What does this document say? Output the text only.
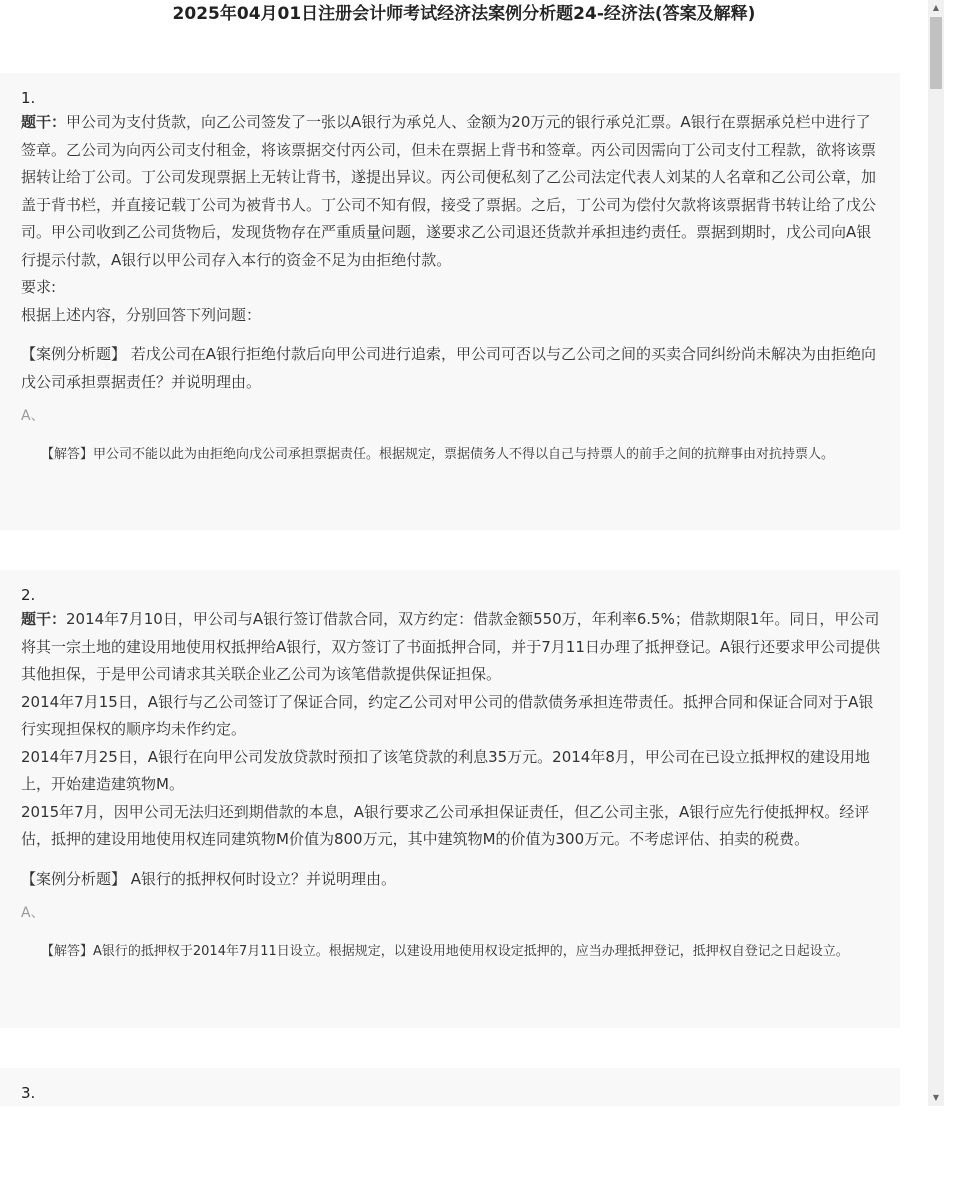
2025年04月01日注册会计师考试经济法案例分析题24-经济法(答案及解释)
1.

题干：甲公司为支付货款，向乙公司签发了一张以A银行为承兑人、金额为20万元的银行承兑汇票。A银行在票据承兑栏中进行了签章。乙公司为向丙公司支付租金，将该票据交付丙公司，但未在票据上背书和签章。丙公司因需向丁公司支付工程款，欲将该票据转让给丁公司。丁公司发现票据上无转让背书，遂提出异议。丙公司便私刻了乙公司法定代表人刘某的人名章和乙公司公章，加盖于背书栏，并直接记载丁公司为被背书人。丁公司不知有假，接受了票据。之后，丁公司为偿付欠款将该票据背书转让给了戊公司。甲公司收到乙公司货物后，发现货物存在严重质量问题，遂要求乙公司退还货款并承担违约责任。票据到期时，戊公司向A银行提示付款，A银行以甲公司存入本行的资金不足为由拒绝付款。

要求:

根据上述内容，分别回答下列问题：

【案例分析题】 若戊公司在A银行拒绝付款后向甲公司进行追索，甲公司可否以与乙公司之间的买卖合同纠纷尚未解决为由拒绝向戊公司承担票据责任？并说明理由。

A、

【解答】甲公司不能以此为由拒绝向戊公司承担票据责任。根据规定，票据债务人不得以自己与持票人的前手之间的抗辩事由对抗持票人。

2.

题干：2014年7月10日，甲公司与A银行签订借款合同，双方约定：借款金额550万，年利率6.5%；借款期限1年。同日，甲公司将其一宗土地的建设用地使用权抵押给A银行，双方签订了书面抵押合同，并于7月11日办理了抵押登记。A银行还要求甲公司提供其他担保，于是甲公司请求其关联企业乙公司为该笔借款提供保证担保。

2014年7月15日，A银行与乙公司签订了保证合同，约定乙公司对甲公司的借款债务承担连带责任。抵押合同和保证合同对于A银行实现担保权的顺序均未作约定。

2014年7月25日，A银行在向甲公司发放贷款时预扣了该笔贷款的利息35万元。2014年8月，甲公司在已设立抵押权的建设用地上，开始建造建筑物M。

2015年7月，因甲公司无法归还到期借款的本息，A银行要求乙公司承担保证责任，但乙公司主张，A银行应先行使抵押权。经评估，抵押的建设用地使用权连同建筑物M价值为800万元，其中建筑物M的价值为300万元。不考虑评估、拍卖的税费。

【案例分析题】 A银行的抵押权何时设立？并说明理由。

A、

【解答】A银行的抵押权于2014年7月11日设立。根据规定，以建设用地使用权设定抵押的，应当办理抵押登记，抵押权自登记之日起设立。

3.
▲
▼
